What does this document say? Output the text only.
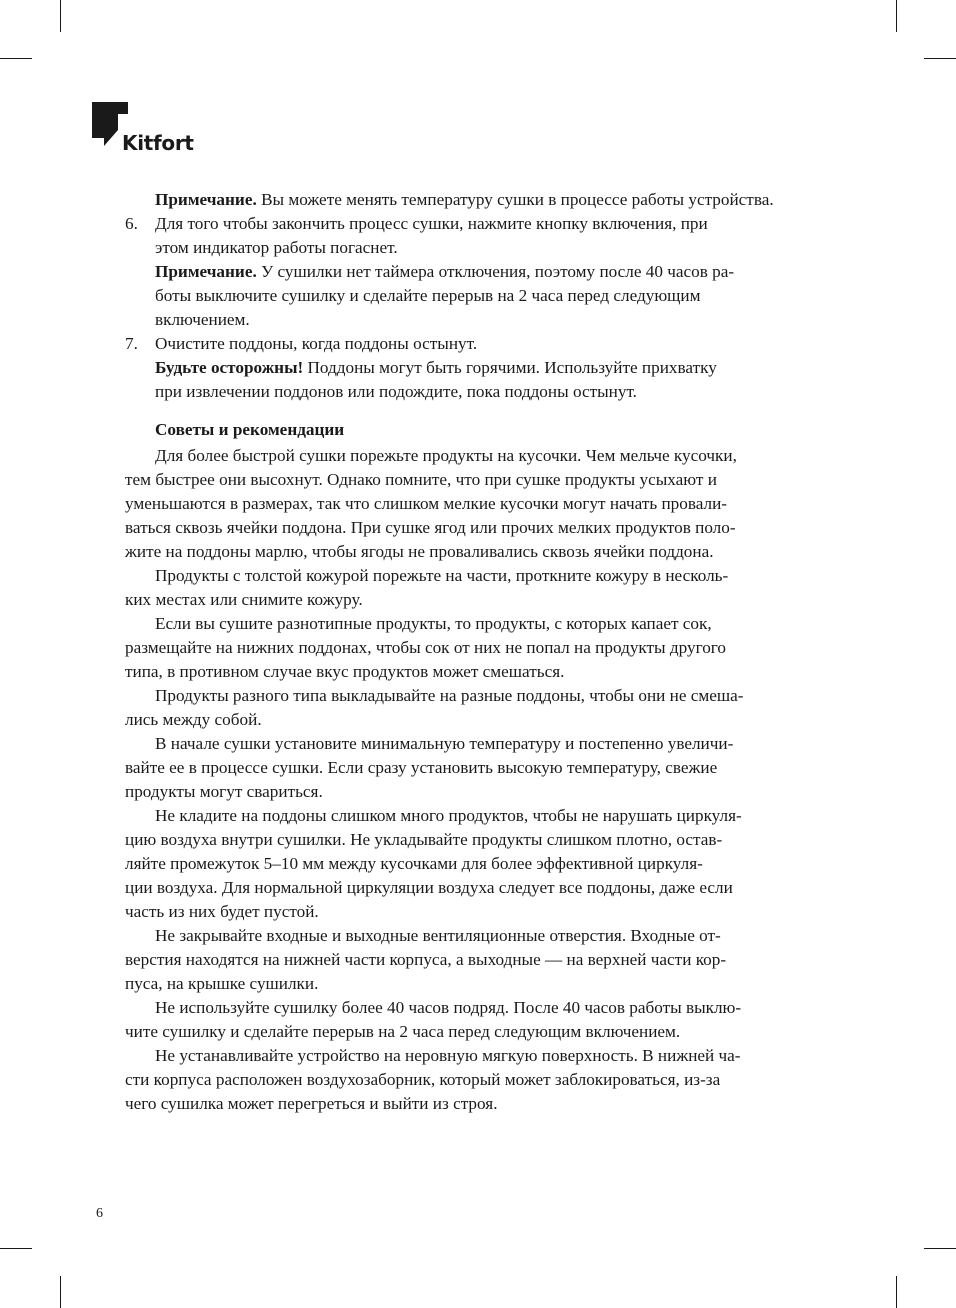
Kitfort
Примечание. Вы можете менять температуру сушки в процессе работы устройства.
6. Для того чтобы закончить процесс сушки, нажмите кнопку включения, при
этом индикатор работы погаснет.
Примечание. У сушилки нет таймера отключения, поэтому после 40 часов ра-
боты выключите сушилку и сделайте перерыв на 2 часа перед следующим
включением.
7. Очистите поддоны, когда поддоны остынут.
Будьте осторожны! Поддоны могут быть горячими. Используйте прихватку
при извлечении поддонов или подождите, пока поддоны остынут.
Советы и рекомендации
Для более быстрой сушки порежьте продукты на кусочки. Чем мельче кусочки,
тем быстрее они высохнут. Однако помните, что при сушке продукты усыхают и
уменьшаются в размерах, так что слишком мелкие кусочки могут начать провали-
ваться сквозь ячейки поддона. При сушке ягод или прочих мелких продуктов поло-
жите на поддоны марлю, чтобы ягоды не проваливались сквозь ячейки поддона.
Продукты с толстой кожурой порежьте на части, проткните кожуру в несколь-
ких местах или снимите кожуру.
Если вы сушите разнотипные продукты, то продукты, с которых капает сок,
размещайте на нижних поддонах, чтобы сок от них не попал на продукты другого
типа, в противном случае вкус продуктов может смешаться.
Продукты разного типа выкладывайте на разные поддоны, чтобы они не смеша-
лись между собой.
В начале сушки установите минимальную температуру и постепенно увеличи-
вайте ее в процессе сушки. Если сразу установить высокую температуру, свежие
продукты могут свариться.
Не кладите на поддоны слишком много продуктов, чтобы не нарушать циркуля-
цию воздуха внутри сушилки. Не укладывайте продукты слишком плотно, остав-
ляйте промежуток 5–10 мм между кусочками для более эффективной циркуля-
ции воздуха. Для нормальной циркуляции воздуха следует все поддоны, даже если
часть из них будет пустой.
Не закрывайте входные и выходные вентиляционные отверстия. Входные от-
верстия находятся на нижней части корпуса, а выходные — на верхней части кор-
пуса, на крышке сушилки.
Не используйте сушилку более 40 часов подряд. После 40 часов работы выклю-
чите сушилку и сделайте перерыв на 2 часа перед следующим включением.
Не устанавливайте устройство на неровную мягкую поверхность. В нижней ча-
сти корпуса расположен воздухозаборник, который может заблокироваться, из-за
чего сушилка может перегреться и выйти из строя.
6
